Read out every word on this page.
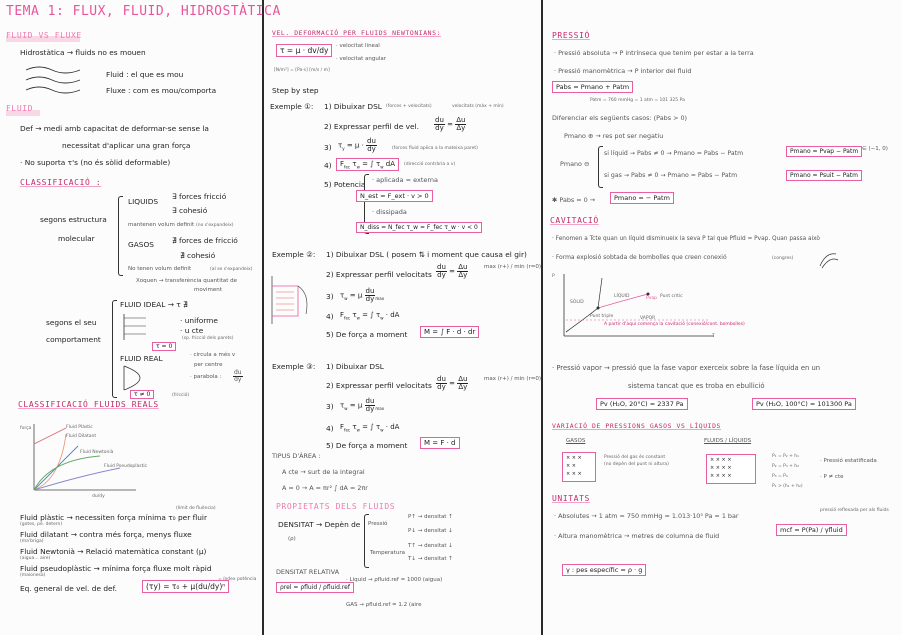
TEMA 1: FLUX, FLUID, HIDROSTÀTICA
FLUID VS FLUXE
Hidrostàtica → fluids no es mouen
Fluid : el que es mou
Fluxe : com es mou/comporta
FLUID
Def → medi amb capacitat de deformar-se sense la
necessitat d'aplicar una gran força
· No suporta τ's (no és sòlid deformable)
CLASSIFICACIÓ :
segons estructura
molecular
LIQUIDS
∃ forces fricció
∃ cohesió
mantenen volum definit (no s'expandeix)
GASOS ∄ forces de fricció
∄ cohesió
No tenen volum definit	(al se s'expandeix)
Xoquen → transferència quantitat de
moviment
segons el seu
comportament
FLUID IDEAL → τ ∄
· uniforme
· u cte
(sp. fricció dels parets)
τ = 0
FLUID REAL	· circula a més v
per centre
· parabola : $\frac{du}{dy}$
τ ≠ 0	(fricció)
CLASSIFICACIÓ FLUIDS REALS
Fluid Plàstic
Fluid Dilatant
Fluid Newtonià
Fluid Pseudoplàstic
força
du/dy
Fluid plàstic → necessiten força mínima τ₀ per fluir
(límit de fluència)
(gotes, pe. detern)
Fluid dilatant → contra més força, menys fluxe
(ma'briga)
Fluid Newtonià → Relació matemàtica constant (μ)
(aigua... aire)
Fluid pseudoplàstic → mínima força fluxe molt ràpid
(maionesa)
Eq. general de vel. de def.	(τy) = τ₀ + μ(du/dy)ⁿ
= índex potència
VEL. DEFORMACIÓ PER FLUIDS NEWTONIANS:
τ = μ · dv/dy
[N/m²] = [Pa·s] [m/s / m]
· velocitat lineal
· velocitat angular
Step by step
Exemple ①: 1) Dibuixar DSL (forces + velocitats)	velocitats (màx + mín)
2) Expressar perfil de vel. $\frac{du}{dy} = \frac{\Delta u}{\Delta y}$
3) $\tau_y = \mu \cdot \frac{du}{dy}$	(forces fluid aplica a la mateixa paret)
4)	$F_{fec}$ $\tau_w$ = ∫ $\tau_w$ dA	(direcció contrària a v)
5) Potencia · aplicada = externa
N_est = F_ext · v > 0
· dissipada
N_diss = N_fec τ_w = F_fec τ_w · v < 0
Exemple ②: 1) Dibuixar DSL ( posem ⇅ i moment que causa el gir)
2) Expressar perfil velocitats $\frac{du}{dy} = \frac{\Delta u}{\Delta y}$	max (r+) / min (r=0)
3) $\tau_w = \mu \frac{du}{dy} _{max}$
4) $F_{fec}$ $\tau_w$ = ∫ $\tau_w$ · dA
5) De força a moment	M = ∫ F · d · dr
Exemple ③: 1) Dibuixar DSL
2) Expressar perfil velocitats $\frac{du}{dy} = \frac{\Delta u}{\Delta y}$	max (r+) / min (r=0)
3) $\tau_w = \mu \frac{du}{dy} _{max}$
4) $F_{fec}$ $\tau_w$ = ∫ $\tau_w$ · dA
5) De força a moment	M = F · d
TIPUS D'ÀREA :
A cte → surt de la integral
A = 0 → A = πr² ∫ dA = 2πr
PROPIETATS DELS FLUIDS
DENSITAT → Depèn de
(ρ)
Pressió
Temperatura
P↑ → densitat ↑
P↓ → densitat ↓
T↑ → densitat ↓
T↓ → densitat ↑
DENSITAT RELATIVA
ρrel = ρfluid / ρfluid.ref
· Liquid → ρfluid.ref = 1000 (aigua)
GAS → ρfluid.ref = 1.2 (aire
PRESSIÓ
· Pressió absoluta → P intrínseca que tenim per estar a la terra
· Pressió manomètrica → P interior del fluid
Pabs = Pmano + Patm
Patm = 760 mmHg = 1 atm = 101 325 Pa
Diferenciar els següents casos: (Pabs > 0)
Pmano ⊕ → res pot ser negatiu
Pmano ⊖
si líquid → Pabs ≠ 0 → Pmano = Pabs − Patm
si gas → Pabs ≠ 0 → Pmano = Pabs − Patm
Pmano = Pvap − Patm
Pmano = Psuit − Patm
∈ (−1, 0)
✱ Pabs = 0 →	Pmano = − Patm
CAVITACIÓ
· Fenomen a Tcte quan un líquid disminueix la seva P tal que Pfluid = Pvap. Quan passa això
· Forma explosió sobtada de bombolles que creen conexió	(congres)
P
SÒLID
LÍQUID
VAPOR
Punt triple
T
Pvap Punt crític
A partir d'aquí comença la cavitació (conexió/cont. bombolles)
· Pressió vapor → pressió que la fase vapor exerceix sobre la fase líquida en un
sistema tancat que es troba en ebullició
Pv (H₂O, 20°C) = 2337 Pa	Pv (H₂O, 100°C) = 101300 Pa
VARIACIÓ DE PRESSIONS GASOS VS LÍQUIDS
GASOS	FLUIDS / LÍQUIDS
× × ×
× ×
× × ×
Pressió del gas és constant (no depèn del punt ni altura)
× × × ×
× × × ×
× × × ×
P₁ = P₂ + h₁
P₂ = P₃ + h₂
P₃ = P₄
P₁ > (h₁ + h₂)
· Pressió estatificada
· P ≠ cte
UNITATS
· Absolutes → 1 atm = 750 mmHg = 1.013·10⁵ Pa = 1 bar
· Altura manomètrica → metres de columna de fluid
mcf = P(Pa) / γfluid
pressió reflexada per als fluids
γ : pes específic = ρ · g
